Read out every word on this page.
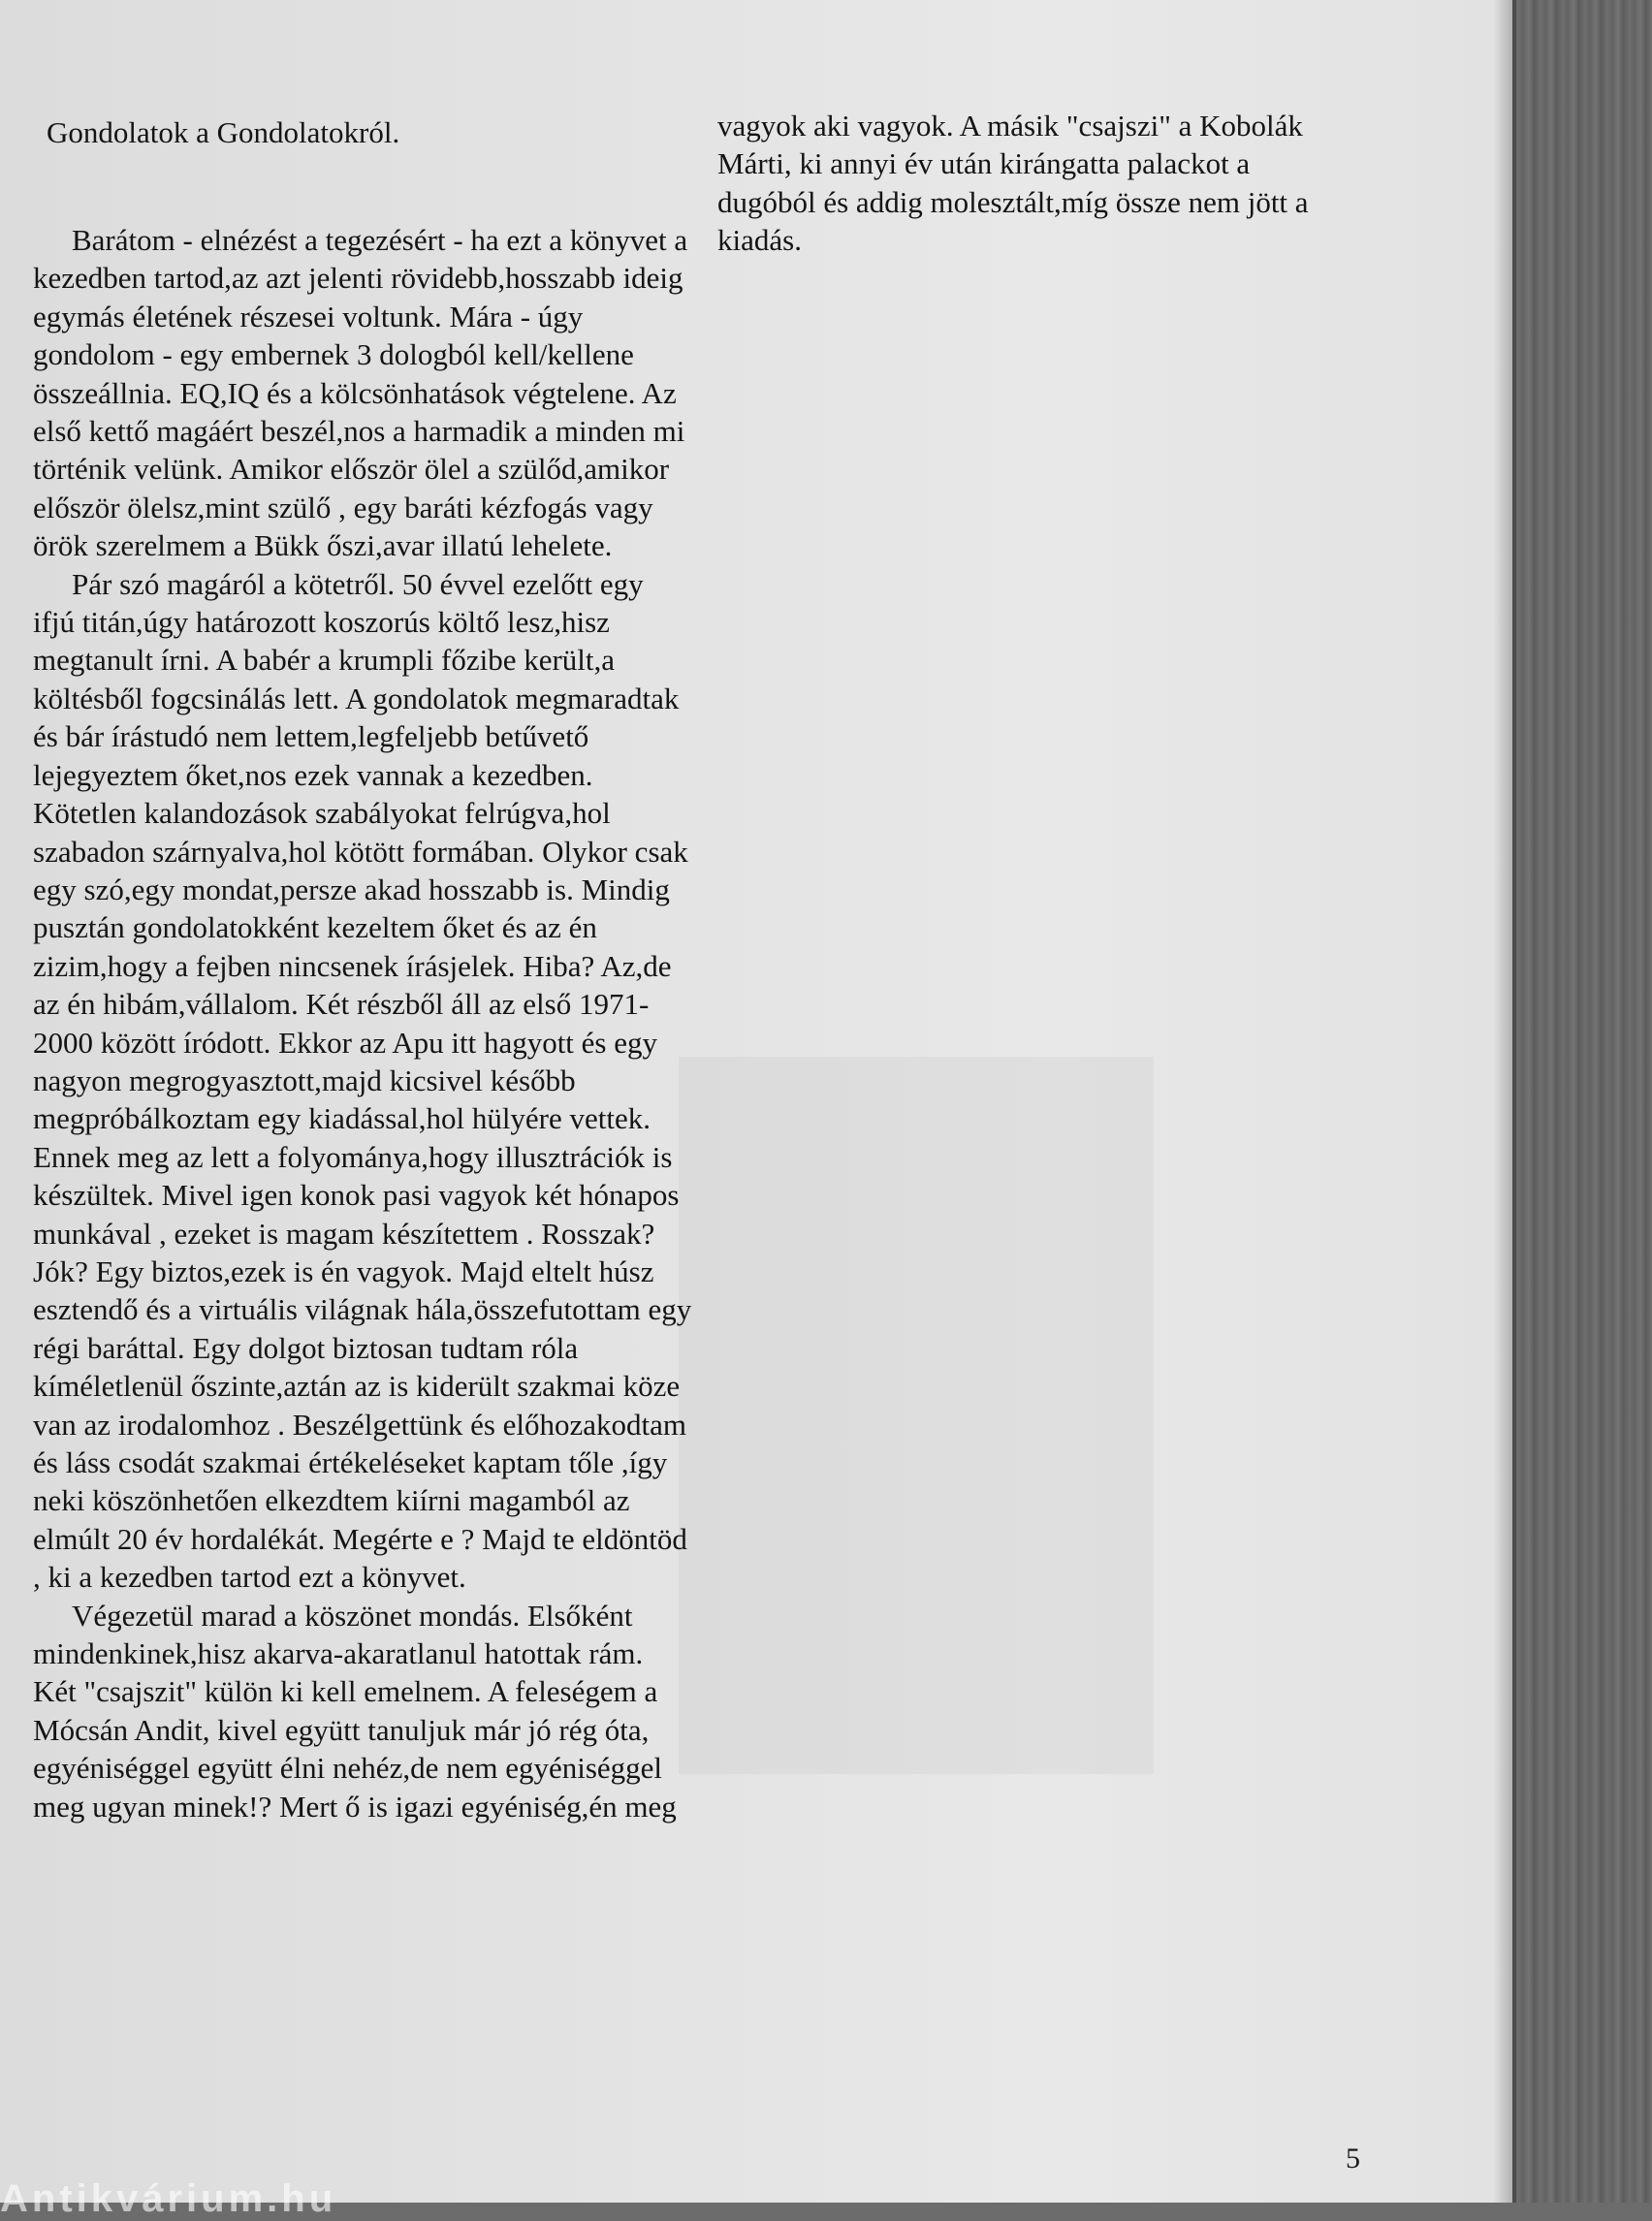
Gondolatok a Gondolatokról.

Barátom - elnézést a tegezésért - ha ezt a könyvet a kezedben tartod,az azt jelenti rövidebb,hosszabb ideig egymás életének részesei voltunk. Mára - úgy gondolom - egy embernek 3 dologból kell/kellene összeállnia. EQ,IQ és a kölcsönhatások végtelene. Az első kettő magáért beszél,nos a harmadik a minden mi történik velünk. Amikor először ölel a szülőd,amikor először ölelsz,mint szülő , egy baráti kézfogás vagy örök szerelmem a Bükk őszi,avar illatú lehelete.

Pár szó magáról a kötetről. 50 évvel ezelőtt egy ifjú titán,úgy határozott koszorús költő lesz,hisz megtanult írni. A babér a krumpli főzibe került,a költésből fogcsinálás lett. A gondolatok megmaradtak és bár írástudó nem lettem,legfeljebb betűvető lejegyeztem őket,nos ezek vannak a kezedben. Kötetlen kalandozások szabályokat felrúgva,hol szabadon szárnyalva,hol kötött formában. Olykor csak egy szó,egy mondat,persze akad hosszabb is. Mindig pusztán gondolatokként kezeltem őket és az én zizim,hogy a fejben nincsenek írásjelek. Hiba? Az,de az én hibám,vállalom. Két részből áll az első 1971-2000 között íródott. Ekkor az Apu itt hagyott és egy nagyon megrogyasztott,majd kicsivel később megpróbálkoztam egy kiadással,hol hülyére vettek. Ennek meg az lett a folyománya,hogy illusztrációk is készültek. Mivel igen konok pasi vagyok két hónapos munkával , ezeket is magam készítettem . Rosszak? Jók? Egy biztos,ezek is én vagyok. Majd eltelt húsz esztendő és a virtuális világnak hála,összefutottam egy régi baráttal. Egy dolgot biztosan tudtam róla kíméletlenül őszinte,aztán az is kiderült szakmai köze van az irodalomhoz . Beszélgettünk és előhozakodtam és láss csodát szakmai értékeléseket kaptam tőle ,így neki köszönhetően elkezdtem kiírni magamból az elmúlt 20 év hordalékát. Megérte e ? Majd te eldöntöd , ki a kezedben tartod ezt a könyvet.

Végezetül marad a köszönet mondás. Elsőként mindenkinek,hisz akarva-akaratlanul hatottak rám. Két "csajszit" külön ki kell emelnem. A feleségem a Mócsán Andit, kivel együtt tanuljuk már jó rég óta, egyéniséggel együtt élni nehéz,de nem egyéniséggel meg ugyan minek!? Mert ő is igazi egyéniség,én meg

vagyok aki vagyok. A másik "csajszi" a Kobolák Márti, ki annyi év után kirángatta palackot a dugóból és addig molesztált,míg össze nem jött a kiadás.

5
Antikvárium.hu
